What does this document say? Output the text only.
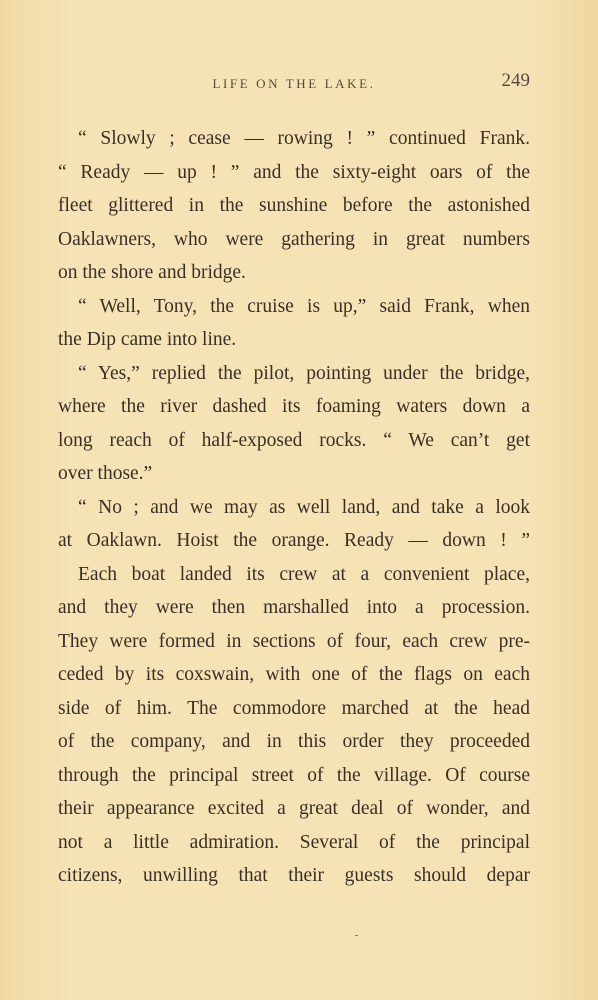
LIFE ON THE LAKE.	249
“ Slowly ; cease — rowing ! ” continued Frank.
“ Ready — up ! ” and the sixty-eight oars of the
fleet glittered in the sunshine before the astonished
Oaklawners, who were gathering in great numbers
on the shore and bridge.
“ Well, Tony, the cruise is up,” said Frank, when
the Dip came into line.
“ Yes,” replied the pilot, pointing under the bridge,
where the river dashed its foaming waters down a
long reach of half-exposed rocks. “ We can’t get
over those.”
“ No ; and we may as well land, and take a look
at Oaklawn. Hoist the orange. Ready — down ! ”
Each boat landed its crew at a convenient place,
and they were then marshalled into a procession.
They were formed in sections of four, each crew pre-
ceded by its coxswain, with one of the flags on each
side of him. The commodore marched at the head
of the company, and in this order they proceeded
through the principal street of the village. Of course
their appearance excited a great deal of wonder, and
not a little admiration. Several of the principal
citizens, unwilling that their guests should depar
